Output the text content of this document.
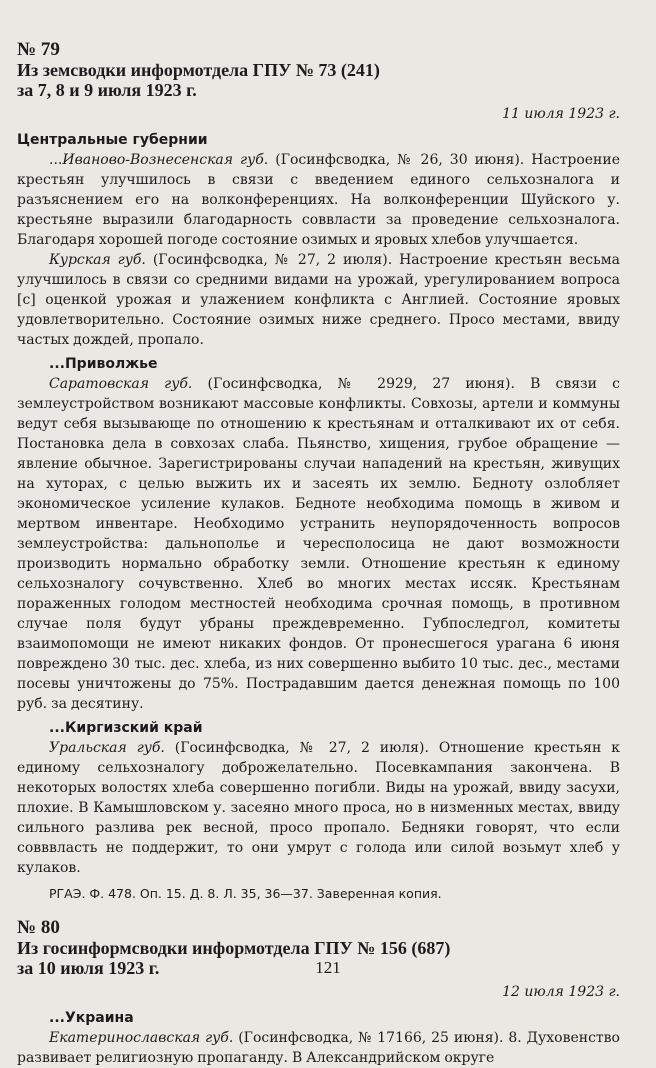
№ 79

Из земсводки информотдела ГПУ № 73 (241)

за 7, 8 и 9 июля 1923 г.

11 июля 1923 г.

Центральные губернии

...Иваново-Вознесенская губ. (Госинфсводка, № 26, 30 июня). Настроение крестьян улучшилось в связи с введением единого сельхозналога и разъяснением его на волконференциях. На волконференции Шуйского у. крестьяне выразили благодарность соввласти за проведение сельхозналога. Благодаря хорошей погоде состояние озимых и яровых хлебов улучшается.

Курская губ. (Госинфсводка, № 27, 2 июля). Настроение крестьян весьма улучшилось в связи со средними видами на урожай, урегулированием вопроса [с] оценкой урожая и улажением конфликта с Англией. Состояние яровых удовлетворительно. Состояние озимых ниже среднего. Просо местами, ввиду частых дождей, пропало.

...Приволжье

Саратовская губ. (Госинфсводка, № 2929, 27 июня). В связи с землеустройством возникают массовые конфликты. Совхозы, артели и коммуны ведут себя вызывающе по отношению к крестьянам и отталкивают их от себя. Постановка дела в совхозах слаба. Пьянство, хищения, грубое обращение — явление обычное. Зарегистрированы случаи нападений на крестьян, живущих на хуторах, с целью выжить их и засеять их землю. Бедноту озлобляет экономическое усиление кулаков. Бедноте необходима помощь в живом и мертвом инвентаре. Необходимо устранить неупорядоченность вопросов землеустройства: дальнополье и чересполосица не дают возможности производить нормально обработку земли. Отношение крестьян к единому сельхозналогу сочувственно. Хлеб во многих местах иссяк. Крестьянам пораженных голодом местностей необходима срочная помощь, в противном случае поля будут убраны преждевременно. Губпоследгол, комитеты взаимопомощи не имеют никаких фондов. От пронесшегося урагана 6 июня повреждено 30 тыс. дес. хлеба, из них совершенно выбито 10 тыс. дес., местами посевы уничтожены до 75%. Пострадавшим дается денежная помощь по 100 руб. за десятину.

...Киргизский край

Уральская губ. (Госинфсводка, № 27, 2 июля). Отношение крестьян к единому сельхозналогу доброжелательно. Посевкампания закончена. В некоторых волостях хлеба совершенно погибли. Виды на урожай, ввиду засухи, плохие. В Камышловском у. засеяно много проса, но в низменных местах, ввиду сильного разлива рек весной, просо пропало. Бедняки говорят, что если совввласть не поддержит, то они умрут с голода или силой возьмут хлеб у кулаков.

РГАЭ. Ф. 478. Оп. 15. Д. 8. Л. 35, 36—37. Заверенная копия.

№ 80

Из госинформсводки информотдела ГПУ № 156 (687)

за 10 июля 1923 г.

12 июля 1923 г.

...Украина

Екатеринославская губ. (Госинфсводка, № 17166, 25 июня). 8. Духовенство развивает религиозную пропаганду. В Александрийском округе

121
